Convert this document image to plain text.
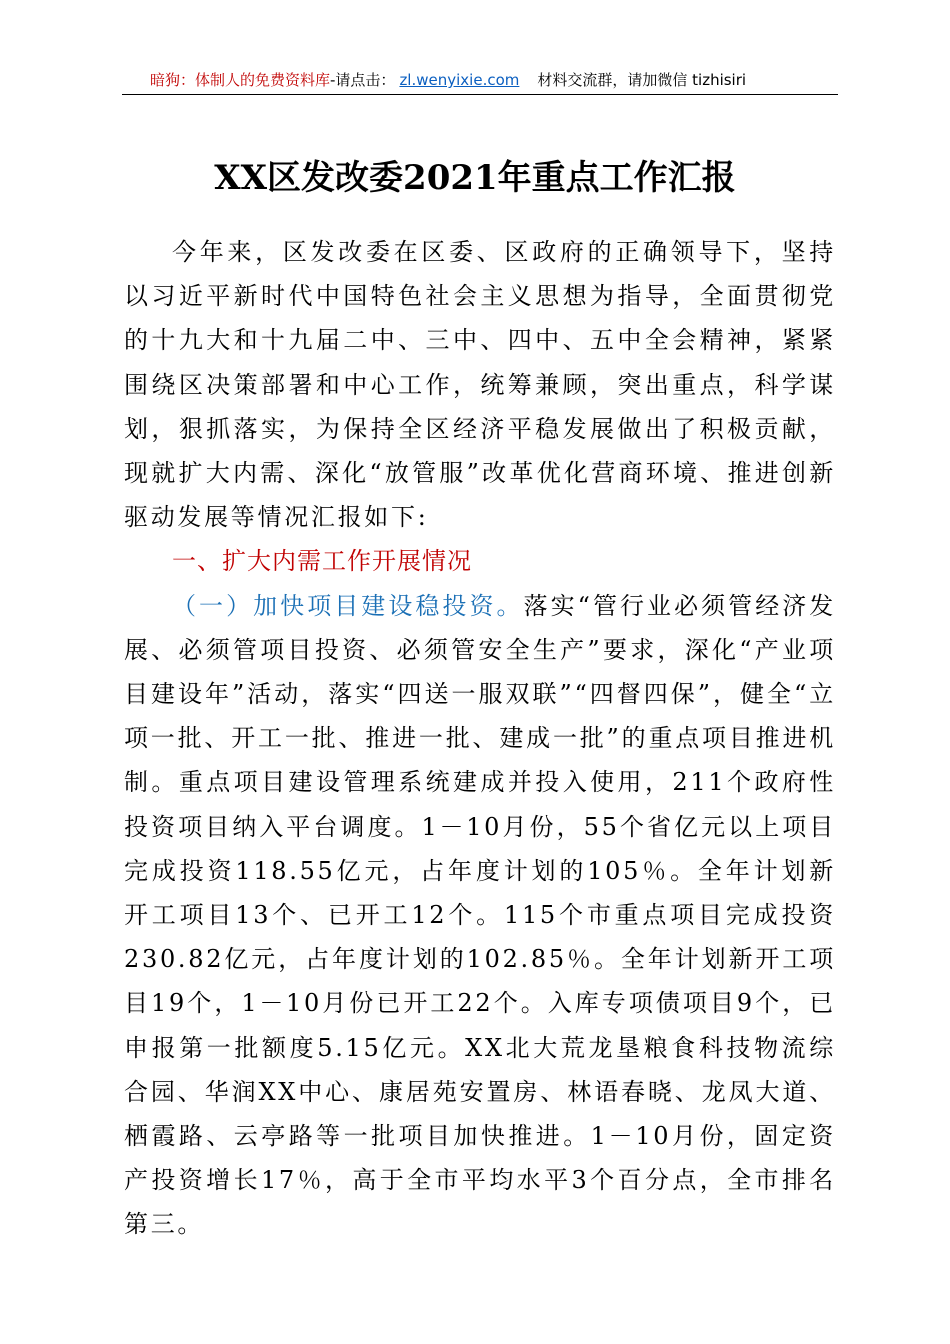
暗狗：体制人的免费资料库-请点击： zl.wenyixie.com 材料交流群，请加微信 tizhisiri
XX区发改委2021年重点工作汇报

今年来，区发改委在区委、区政府的正确领导下，坚持以习近平新时代中国特色社会主义思想为指导，全面贯彻党的十九大和十九届二中、三中、四中、五中全会精神，紧紧围绕区决策部署和中心工作，统筹兼顾，突出重点，科学谋划，狠抓落实，为保持全区经济平稳发展做出了积极贡献，现就扩大内需、深化“放管服”改革优化营商环境、推进创新驱动发展等情况汇报如下:

一、扩大内需工作开展情况

（一）加快项目建设稳投资。落实“管行业必须管经济发展、必须管项目投资、必须管安全生产”要求，深化“产业项目建设年”活动，落实“四送一服双联”“四督四保”，健全“立项一批、开工一批、推进一批、建成一批”的重点项目推进机制。重点项目建设管理系统建成并投入使用，211个政府性投资项目纳入平台调度。1－10月份，55个省亿元以上项目完成投资118.55亿元，占年度计划的105％。全年计划新开工项目13个、已开工12个。115个市重点项目完成投资230.82亿元，占年度计划的102.85％。全年计划新开工项目19个，1－10月份已开工22个。入库专项债项目9个，已申报第一批额度5.15亿元。XX北大荒龙垦粮食科技物流综合园、华润XX中心、康居苑安置房、林语春晓、龙凤大道、栖霞路、云亭路等一批项目加快推进。1－10月份，固定资产投资增长17％，高于全市平均水平3个百分点，全市排名第三。
